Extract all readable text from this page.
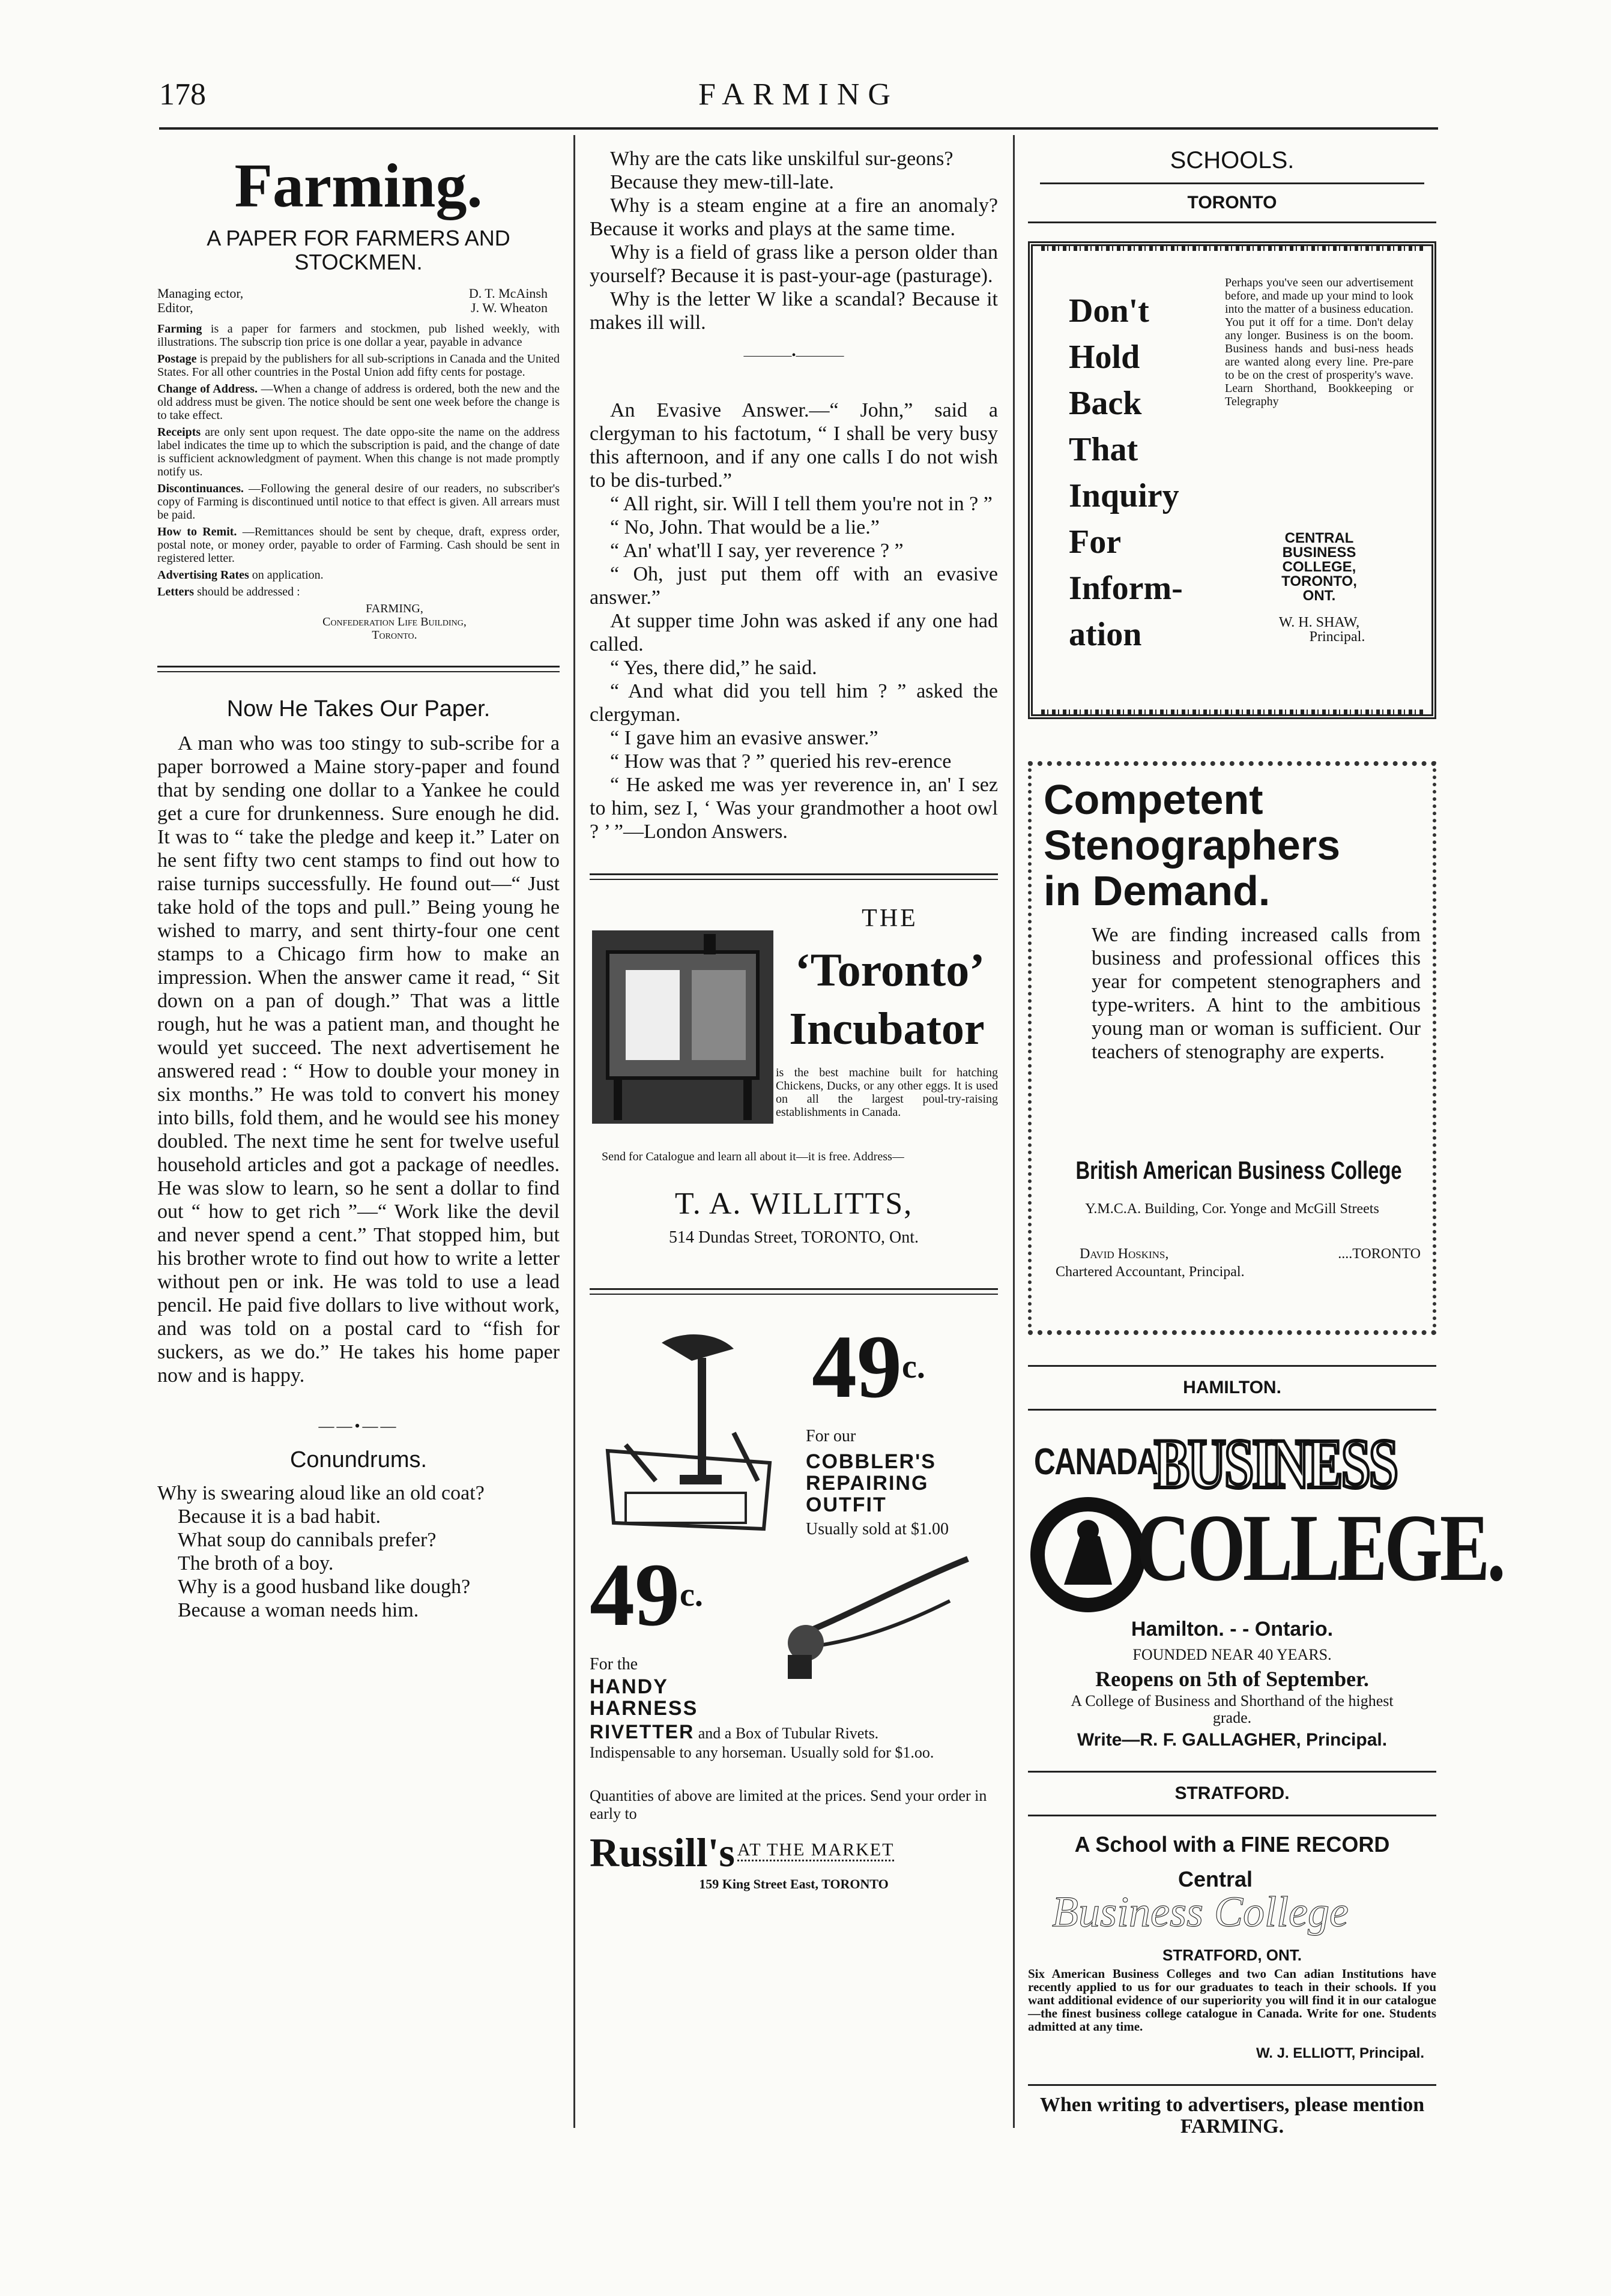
178	FARMING
Farming.
A PAPER FOR FARMERS AND STOCKMEN.
Managing ector,	D. T. McAinsh
Editor,	J. W. Wheaton
Farming is a paper for farmers and stockmen, pub lished weekly, with illustrations. The subscrip tion price is one dollar a year, payable in advance
Postage is prepaid by the publishers for all sub-scriptions in Canada and the United States. For all other countries in the Postal Union add fifty cents for postage.
Change of Address. —When a change of address is ordered, both the new and the old address must be given. The notice should be sent one week before the change is to take effect.
Receipts are only sent upon request. The date oppo-site the name on the address label indicates the time up to which the subscription is paid, and the change of date is sufficient acknowledgment of payment. When this change is not made promptly notify us.
Discontinuances. —Following the general desire of our readers, no subscriber's copy of Farming is discontinued until notice to that effect is given. All arrears must be paid.
How to Remit. —Remittances should be sent by cheque, draft, express order, postal note, or money order, payable to order of Farming. Cash should be sent in registered letter.
Advertising Rates on application.
Letters should be addressed :
FARMING,
Confederation Life Building,
Toronto.
Now He Takes Our Paper.

A man who was too stingy to sub-scribe for a paper borrowed a Maine story-paper and found that by sending one dollar to a Yankee he could get a cure for drunkenness. Sure enough he did. It was to “ take the pledge and keep it.” Later on he sent fifty two cent stamps to find out how to raise turnips successfully. He found out—“ Just take hold of the tops and pull.” Being young he wished to marry, and sent thirty-four one cent stamps to a Chicago firm how to make an impression. When the answer came it read, “ Sit down on a pan of dough.” That was a little rough, hut he was a patient man, and thought he would yet succeed. The next advertisement he answered read : “ How to double your money in six months.” He was told to convert his money into bills, fold them, and he would see his money doubled. The next time he sent for twelve useful household articles and got a package of needles. He was slow to learn, so he sent a dollar to find out “ how to get rich ”—“ Work like the devil and never spend a cent.” That stopped him, but his brother wrote to find out how to write a letter without pen or ink. He was told to use a lead pencil. He paid five dollars to live without work, and was told on a postal card to “fish for suckers, as we do.” He takes his home paper now and is happy.

——•——
Conundrums.

Why is swearing aloud like an old coat?

Because it is a bad habit.

What soup do cannibals prefer?

The broth of a boy.

Why is a good husband like dough?

Because a woman needs him.

Why are the cats like unskilful sur-geons?

Because they mew-till-late.

Why is a steam engine at a fire an anomaly? Because it works and plays at the same time.

Why is a field of grass like a person older than yourself? Because it is past-your-age (pasturage).

Why is the letter W like a scandal? Because it makes ill will.

————•————

An Evasive Answer.—“ John,” said a clergyman to his factotum, “ I shall be very busy this afternoon, and if any one calls I do not wish to be dis-turbed.”

“ All right, sir. Will I tell them you're not in ? ”

“ No, John. That would be a lie.”

“ An' what'll I say, yer reverence ? ”

“ Oh, just put them off with an evasive answer.”

At supper time John was asked if any one had called.

“ Yes, there did,” he said.

“ And what did you tell him ? ” asked the clergyman.

“ I gave him an evasive answer.”

“ How was that ? ” queried his rev-erence

“ He asked me was yer reverence in, an' I sez to him, sez I, ‘ Was your grandmother a hoot owl ? ’ ”—London Answers.

THE
‘Toronto’
Incubator
is the best machine built for hatching Chickens, Ducks, or any other eggs. It is used on all the largest poul-try-raising establishments in Canada.
Send for Catalogue and learn all about it—it is free. Address—
T. A. WILLITTS,
514 Dundas Street, TORONTO, Ont.
$49^{c.}$
For our
COBBLER'S REPAIRING OUTFIT
Usually sold at $1.00
$49^{c.}$
For the
HANDY HARNESS
RIVETTER and a Box of Tubular Rivets.
Indispensable to any horseman. Usually sold for $1.oo.
Quantities of above are limited at the prices. Send your order in early to
Russill's AT THE MARKET
159 King Street East, TORONTO
SCHOOLS.
TORONTO
Don't
Hold
Back
That
Inquiry
For
Inform-
ation
Perhaps you've seen our advertisement before, and made up your mind to look into the matter of a business education. You put it off for a time. Don't delay any longer. Business is on the boom. Business hands and busi-ness heads are wanted along every line. Pre-pare to be on the crest of prosperity's wave. Learn Shorthand, Bookkeeping or Telegraphy
CENTRAL
BUSINESS
COLLEGE,
TORONTO,
ONT.
W. H. SHAW,
Principal.
Competent
Stenographers
in Demand.
We are finding increased calls from business and professional offices this year for competent stenographers and type-writers. A hint to the ambitious young man or woman is sufficient. Our teachers of stenography are experts.
British American Business College
Y.M.C.A. Building, Cor. Yonge and McGill Streets
David Hoskins,	....TORONTO
Chartered Accountant, Principal.
HAMILTON.
CANADA
BUSINESS
COLLEGE.
Hamilton. - - Ontario.
FOUNDED NEAR 40 YEARS.
Reopens on 5th of September.
A College of Business and Shorthand of the highest grade.
Write—R. F. GALLAGHER, Principal.
STRATFORD.
A School with a FINE RECORD
Central
Business College
STRATFORD, ONT.
Six American Business Colleges and two Can adian Institutions have recently applied to us for our graduates to teach in their schools. If you want additional evidence of our superiority you will find it in our catalogue—the finest business college catalogue in Canada. Write for one. Students admitted at any time.
W. J. ELLIOTT, Principal.
When writing to advertisers, please mention FARMING.
